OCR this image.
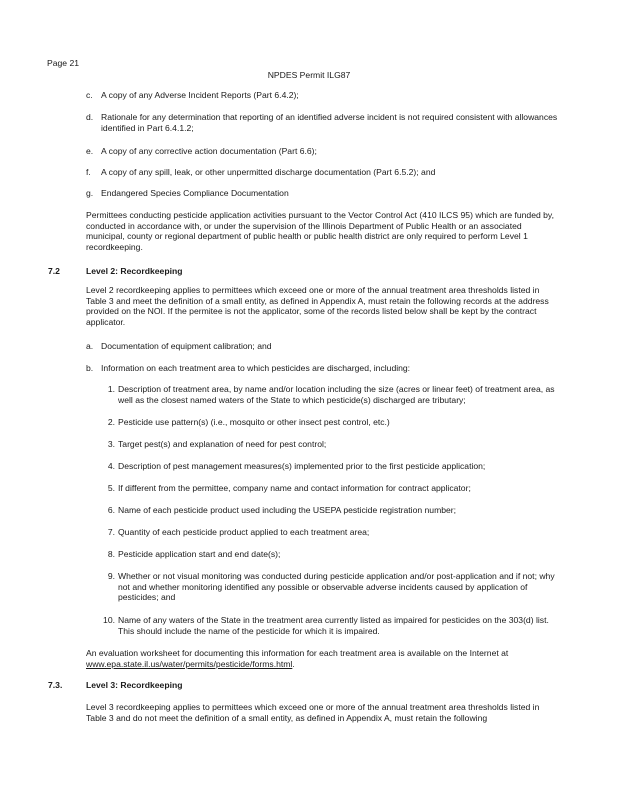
Page 21
NPDES Permit ILG87
c. A copy of any Adverse Incident Reports (Part 6.4.2);
d. Rationale for any determination that reporting of an identified adverse incident is not required consistent with allowances identified in Part 6.4.1.2;
e. A copy of any corrective action documentation (Part 6.6);
f. A copy of any spill, leak, or other unpermitted discharge documentation (Part 6.5.2); and
g. Endangered Species Compliance Documentation
Permittees conducting pesticide application activities pursuant to the Vector Control Act (410 ILCS 95) which are funded by, conducted in accordance with, or under the supervision of the Illinois Department of Public Health or an associated municipal, county or regional department of public health or public health district are only required to perform Level 1 recordkeeping.
7.2	Level 2: Recordkeeping
Level 2 recordkeeping applies to permittees which exceed one or more of the annual treatment area thresholds listed in Table 3 and meet the definition of a small entity, as defined in Appendix A, must retain the following records at the address provided on the NOI. If the permitee is not the applicator, some of the records listed below shall be kept by the contract applicator.
a. Documentation of equipment calibration; and
b. Information on each treatment area to which pesticides are discharged, including:
1. Description of treatment area, by name and/or location including the size (acres or linear feet) of treatment area, as well as the closest named waters of the State to which pesticide(s) discharged are tributary;
2. Pesticide use pattern(s) (i.e., mosquito or other insect pest control, etc.)
3. Target pest(s) and explanation of need for pest control;
4. Description of pest management measures(s) implemented prior to the first pesticide application;
5. If different from the permittee, company name and contact information for contract applicator;
6. Name of each pesticide product used including the USEPA pesticide registration number;
7. Quantity of each pesticide product applied to each treatment area;
8. Pesticide application start and end date(s);
9. Whether or not visual monitoring was conducted during pesticide application and/or post-application and if not; why not and whether monitoring identified any possible or observable adverse incidents caused by application of pesticides; and
10. Name of any waters of the State in the treatment area currently listed as impaired for pesticides on the 303(d) list. This should include the name of the pesticide for which it is impaired.
An evaluation worksheet for documenting this information for each treatment area is available on the Internet at www.epa.state.il.us/water/permits/pesticide/forms.html.
7.3.	Level 3: Recordkeeping
Level 3 recordkeeping applies to permittees which exceed one or more of the annual treatment area thresholds listed in Table 3 and do not meet the definition of a small entity, as defined in Appendix A, must retain the following
